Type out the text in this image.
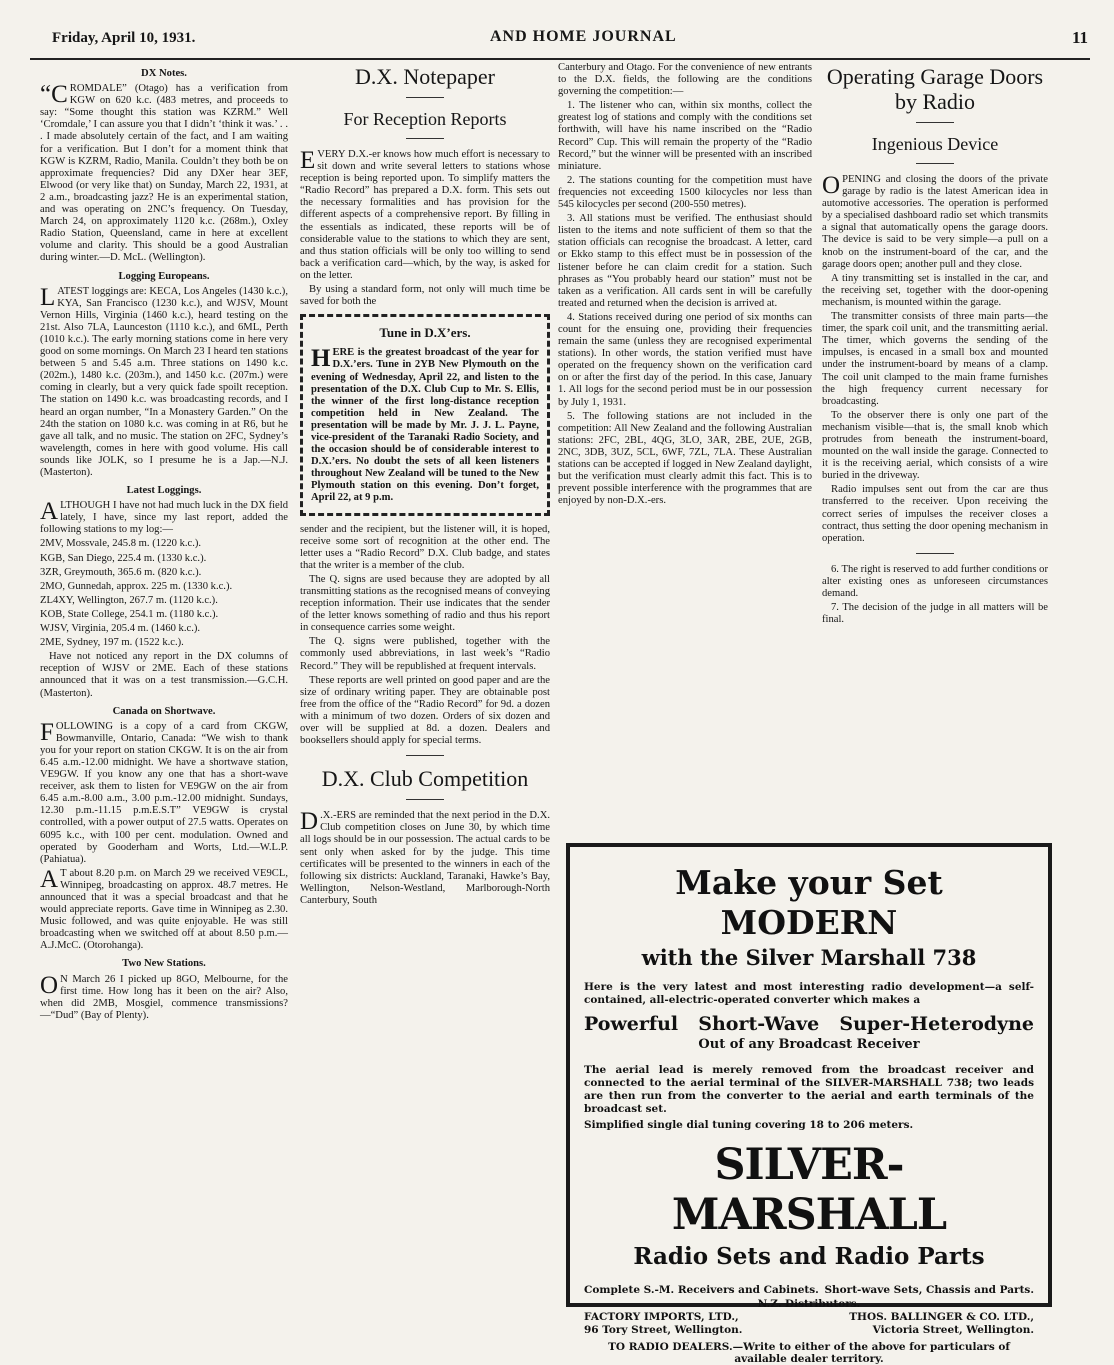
Friday, April 10, 1931.	AND HOME JOURNAL	11
DX Notes.

“CROMDALE” (Otago) has a verification from KGW on 620 k.c. (483 metres, and proceeds to say: “Some thought this station was KZRM.” Well ‘Cromdale,’ I can assure you that I didn’t ‘think it was.’ . . . I made absolutely certain of the fact, and I am waiting for a verification. But I don’t for a moment think that KGW is KZRM, Radio, Manila. Couldn’t they both be on approximate frequencies? Did any DXer hear 3EF, Elwood (or very like that) on Sunday, March 22, 1931, at 2 a.m., broadcasting jazz? He is an experimental station, and was operating on 2NC’s frequency. On Tuesday, March 24, on approximately 1120 k.c. (268m.), Oxley Radio Station, Queensland, came in here at excellent volume and clarity. This should be a good Australian during winter.—D. McL. (Wellington).

Logging Europeans.

LATEST loggings are: KECA, Los Angeles (1430 k.c.), KYA, San Francisco (1230 k.c.), and WJSV, Mount Vernon Hills, Virginia (1460 k.c.), heard testing on the 21st. Also 7LA, Launceston (1110 k.c.), and 6ML, Perth (1010 k.c.). The early morning stations come in here very good on some mornings. On March 23 I heard ten stations between 5 and 5.45 a.m. Three stations on 1490 k.c. (202m.), 1480 k.c. (203m.), and 1450 k.c. (207m.) were coming in clearly, but a very quick fade spoilt reception. The station on 1490 k.c. was broadcasting records, and I heard an organ number, “In a Monastery Garden.” On the 24th the station on 1080 k.c. was coming in at R6, but he gave all talk, and no music. The station on 2FC, Sydney’s wavelength, comes in here with good volume. His call sounds like JOLK, so I presume he is a Jap.—N.J. (Masterton).

Latest Loggings.

ALTHOUGH I have not had much luck in the DX field lately, I have, since my last report, added the following stations to my log:—

2MV, Mossvale, 245.8 m. (1220 k.c.).

KGB, San Diego, 225.4 m. (1330 k.c.).

3ZR, Greymouth, 365.6 m. (820 k.c.).

2MO, Gunnedah, approx. 225 m. (1330 k.c.).

ZL4XY, Wellington, 267.7 m. (1120 k.c.).

KOB, State College, 254.1 m. (1180 k.c.).

WJSV, Virginia, 205.4 m. (1460 k.c.).

2ME, Sydney, 197 m. (1522 k.c.).

Have not noticed any report in the DX columns of reception of WJSV or 2ME. Each of these stations announced that it was on a test transmission.—G.C.H. (Masterton).

Canada on Shortwave.

FOLLOWING is a copy of a card from CKGW, Bowmanville, Ontario, Canada: “We wish to thank you for your report on station CKGW. It is on the air from 6.45 a.m.-12.00 midnight. We have a shortwave station, VE9GW. If you know any one that has a short-wave receiver, ask them to listen for VE9GW on the air from 6.45 a.m.-8.00 a.m., 3.00 p.m.-12.00 midnight. Sundays, 12.30 p.m.-11.15 p.m.E.S.T” VE9GW is crystal controlled, with a power output of 27.5 watts. Operates on 6095 k.c., with 100 per cent. modulation. Owned and operated by Gooderham and Worts, Ltd.—W.L.P. (Pahiatua).

A T about 8.20 p.m. on March 29 we received VE9CL, Winnipeg, broadcasting on approx. 48.7 metres. He announced that it was a special broadcast and that he would appreciate reports. Gave time in Winnipeg as 2.30. Music followed, and was quite enjoyable. He was still broadcasting when we switched off at about 8.50 p.m.—A.J.McC. (Otorohanga).

Two New Stations.

O N March 26 I picked up 8GO, Melbourne, for the first time. How long has it been on the air? Also, when did 2MB, Mosgiel, commence transmissions? —“Dud” (Bay of Plenty).

D.X. Notepaper
For Reception Reports

EVERY D.X.-er knows how much effort is necessary to sit down and write several letters to stations whose reception is being reported upon. To simplify matters the “Radio Record” has prepared a D.X. form. This sets out the necessary formalities and has provision for the different aspects of a comprehensive report. By filling in the essentials as indicated, these reports will be of considerable value to the stations to which they are sent, and thus station officials will be only too willing to send back a verification card—which, by the way, is asked for on the letter.

By using a standard form, not only will much time be saved for both the

Tune in D.X’ers.

HERE is the greatest broadcast of the year for D.X.’ers. Tune in 2YB New Plymouth on the evening of Wednesday, April 22, and listen to the presentation of the D.X. Club Cup to Mr. S. Ellis, the winner of the first long-distance reception competition held in New Zealand. The presentation will be made by Mr. J. J. L. Payne, vice-president of the Taranaki Radio Society, and the occasion should be of considerable interest to D.X.’ers. No doubt the sets of all keen listeners throughout New Zealand will be tuned to the New Plymouth station on this evening. Don’t forget, April 22, at 9 p.m.

sender and the recipient, but the listener will, it is hoped, receive some sort of recognition at the other end. The letter uses a “Radio Record” D.X. Club badge, and states that the writer is a member of the club.

The Q. signs are used because they are adopted by all transmitting stations as the recognised means of conveying reception information. Their use indicates that the sender of the letter knows something of radio and thus his report in consequence carries some weight.

The Q. signs were published, together with the commonly used abbreviations, in last week’s “Radio Record.” They will be republished at frequent intervals.

These reports are well printed on good paper and are the size of ordinary writing paper. They are obtainable post free from the office of the “Radio Record” for 9d. a dozen with a minimum of two dozen. Orders of six dozen and over will be supplied at 8d. a dozen. Dealers and booksellers should apply for special terms.

D.X. Club Competition

D .X.-ERS are reminded that the next period in the D.X. Club competition closes on June 30, by which time all logs should be in our possession. The actual cards to be sent only when asked for by the judge. This time certificates will be presented to the winners in each of the following six districts: Auckland, Taranaki, Hawke’s Bay, Wellington, Nelson-Westland, Marlborough-North Canterbury, South

Canterbury and Otago. For the convenience of new entrants to the D.X. fields, the following are the conditions governing the competition:—

1. The listener who can, within six months, collect the greatest log of stations and comply with the conditions set forthwith, will have his name inscribed on the “Radio Record” Cup. This will remain the property of the “Radio Record,” but the winner will be presented with an inscribed miniature.

2. The stations counting for the competition must have frequencies not exceeding 1500 kilocycles nor less than 545 kilocycles per second (200-550 metres).

3. All stations must be verified. The enthusiast should listen to the items and note sufficient of them so that the station officials can recognise the broadcast. A letter, card or Ekko stamp to this effect must be in possession of the listener before he can claim credit for a station. Such phrases as “You probably heard our station” must not be taken as a verification. All cards sent in will be carefully treated and returned when the decision is arrived at.

4. Stations received during one period of six months can count for the ensuing one, providing their frequencies remain the same (unless they are recognised experimental stations). In other words, the station verified must have operated on the frequency shown on the verification card on or after the first day of the period. In this case, January 1. All logs for the second period must be in our possession by July 1, 1931.

5. The following stations are not included in the competition: All New Zealand and the following Australian stations: 2FC, 2BL, 4QG, 3LO, 3AR, 2BE, 2UE, 2GB, 2NC, 3DB, 3UZ, 5CL, 6WF, 7ZL, 7LA. These Australian stations can be accepted if logged in New Zealand daylight, but the verification must clearly admit this fact. This is to prevent possible interference with the programmes that are enjoyed by non-D.X.-ers.

Operating Garage Doors by Radio
Ingenious Device

OPENING and closing the doors of the private garage by radio is the latest American idea in automotive accessories. The operation is performed by a specialised dashboard radio set which transmits a signal that automatically opens the garage doors. The device is said to be very simple—a pull on a knob on the instrument-board of the car, and the garage doors open; another pull and they close.

A tiny transmitting set is installed in the car, and the receiving set, together with the door-opening mechanism, is mounted within the garage.

The transmitter consists of three main parts—the timer, the spark coil unit, and the transmitting aerial. The timer, which governs the sending of the impulses, is encased in a small box and mounted under the instrument-board by means of a clamp. The coil unit clamped to the main frame furnishes the high frequency current necessary for broadcasting.

To the observer there is only one part of the mechanism visible—that is, the small knob which protrudes from beneath the instrument-board, mounted on the wall inside the garage. Connected to it is the receiving aerial, which consists of a wire buried in the driveway.

Radio impulses sent out from the car are thus transferred to the receiver. Upon receiving the correct series of impulses the receiver closes a contract, thus setting the door opening mechanism in operation.

6. The right is reserved to add further conditions or alter existing ones as unforeseen circumstances demand.

7. The decision of the judge in all matters will be final.

Make your Set MODERN
with the Silver Marshall 738
Here is the very latest and most interesting radio development—a self-contained, all-electric-operated converter which makes a
Powerful Short-Wave Super-Heterodyne
Out of any Broadcast Receiver
The aerial lead is merely removed from the broadcast receiver and connected to the aerial terminal of the SILVER-MARSHALL 738; two leads are then run from the converter to the aerial and earth terminals of the broadcast set.
Simplified single dial tuning covering 18 to 206 meters.
SILVER-MARSHALL
Radio Sets and Radio Parts
Complete S.-M. Receivers and Cabinets. Short-wave Sets, Chassis and Parts.
N.Z. Distributors.
FACTORY IMPORTS, LTD.,	THOS. BALLINGER & CO. LTD.,
96 Tory Street, Wellington.	Victoria Street, Wellington.
TO RADIO DEALERS.—Write to either of the above for particulars of available dealer territory.
